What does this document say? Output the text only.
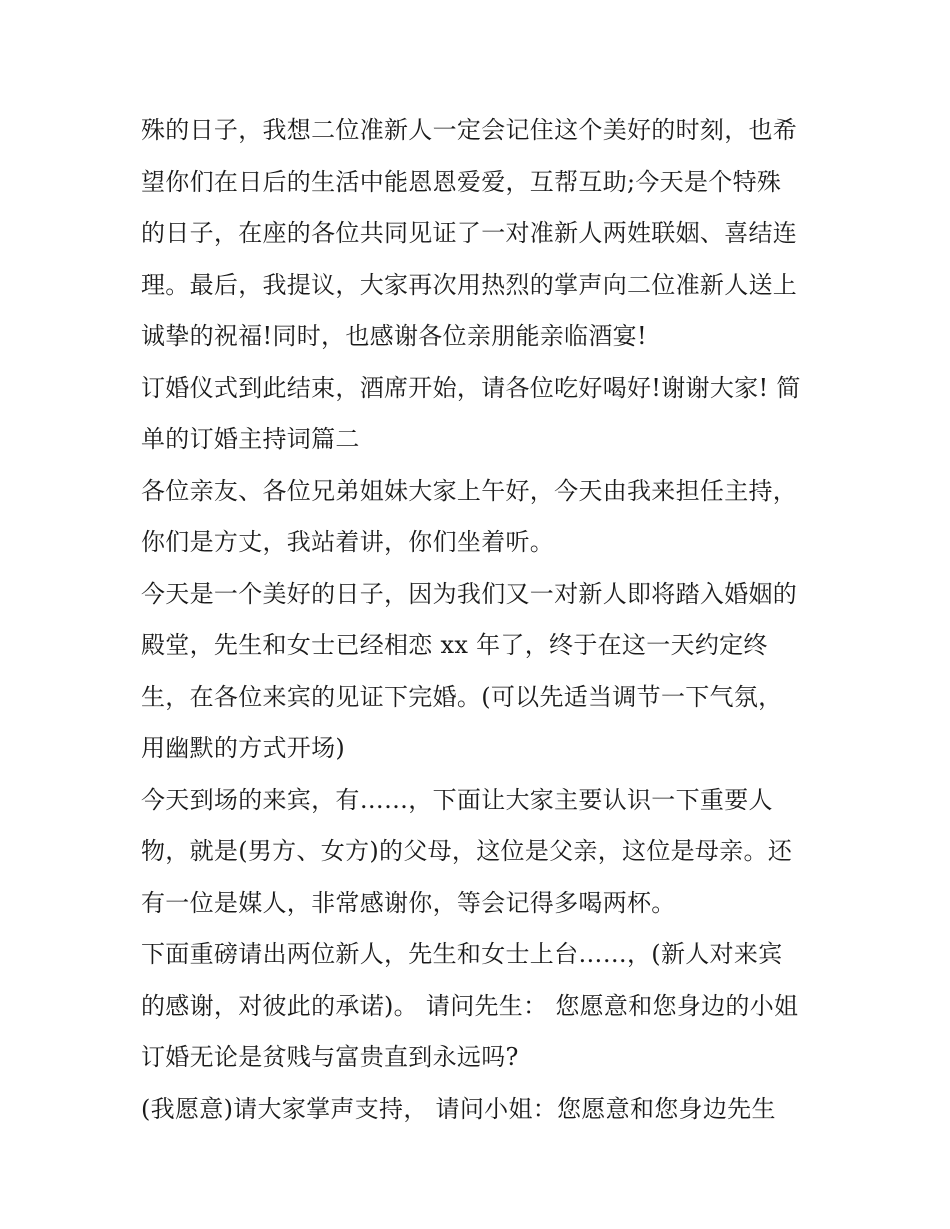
殊的日子，我想二位准新人一定会记住这个美好的时刻，也希
望你们在日后的生活中能恩恩爱爱，互帮互助;今天是个特殊
的日子，在座的各位共同见证了一对准新人两姓联姻、喜结连
理。最后，我提议，大家再次用热烈的掌声向二位准新人送上
诚挚的祝福!同时，也感谢各位亲朋能亲临酒宴!
订婚仪式到此结束，酒席开始，请各位吃好喝好!谢谢大家! 简
单的订婚主持词篇二
各位亲友、各位兄弟姐妹大家上午好，今天由我来担任主持，
你们是方丈，我站着讲，你们坐着听。
今天是一个美好的日子，因为我们又一对新人即将踏入婚姻的
殿堂，先生和女士已经相恋 xx 年了，终于在这一天约定终
生，在各位来宾的见证下完婚。(可以先适当调节一下气氛，
用幽默的方式开场)
今天到场的来宾，有……，下面让大家主要认识一下重要人
物，就是(男方、女方)的父母，这位是父亲，这位是母亲。还
有一位是媒人，非常感谢你，等会记得多喝两杯。
下面重磅请出两位新人，先生和女士上台……，(新人对来宾
的感谢，对彼此的承诺)。 请问先生： 您愿意和您身边的小姐
订婚无论是贫贱与富贵直到永远吗?
(我愿意)请大家掌声支持， 请问小姐：您愿意和您身边先生
